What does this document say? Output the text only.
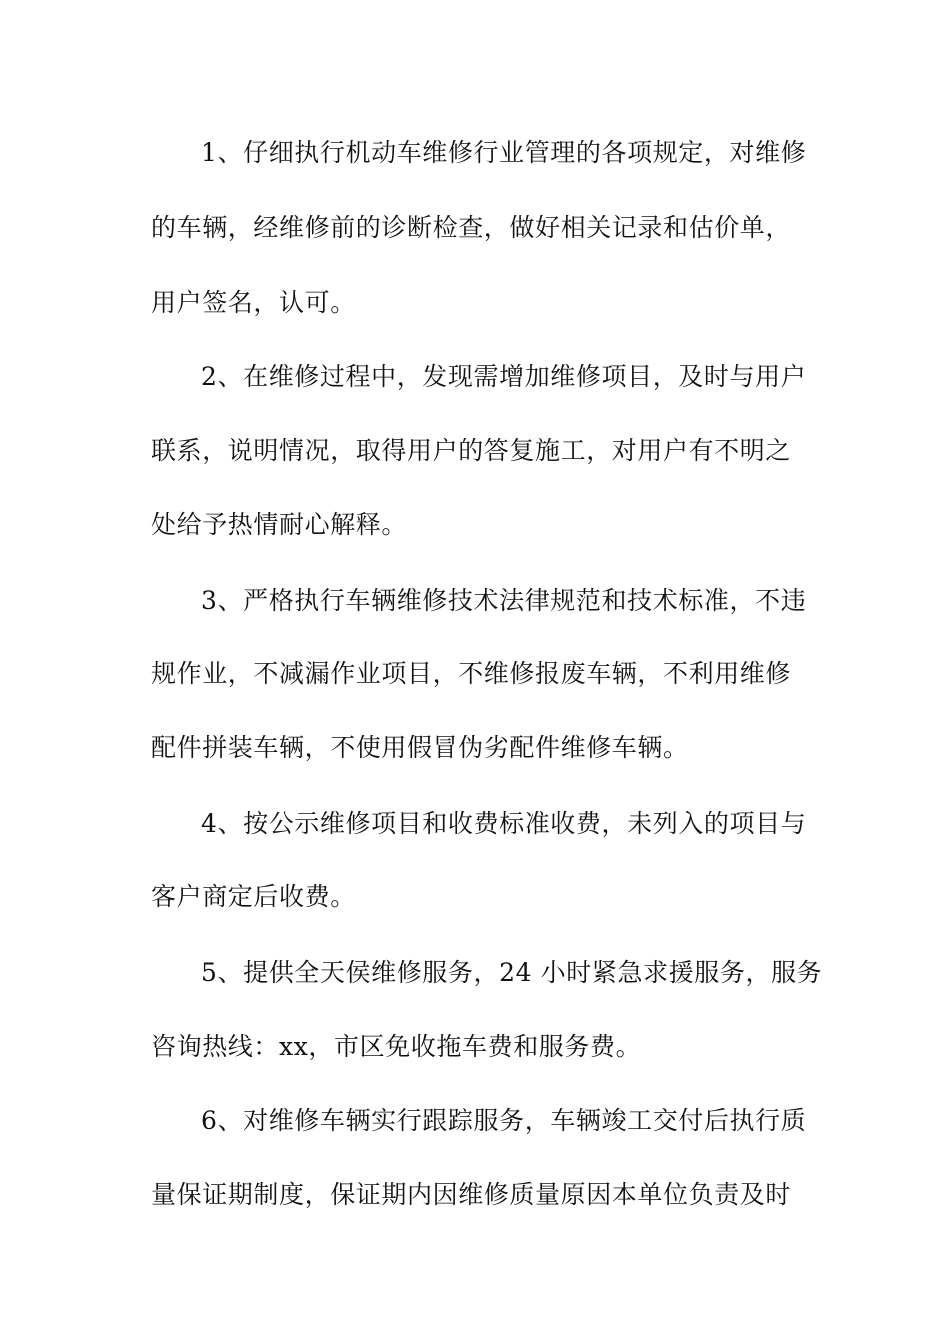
1、仔细执行机动车维修行业管理的各项规定，对维修
的车辆，经维修前的诊断检查，做好相关记录和估价单，
用户签名，认可。
2、在维修过程中，发现需增加维修项目，及时与用户
联系，说明情况，取得用户的答复施工，对用户有不明之
处给予热情耐心解释。
3、严格执行车辆维修技术法律规范和技术标准，不违
规作业，不减漏作业项目，不维修报废车辆，不利用维修
配件拼装车辆，不使用假冒伪劣配件维修车辆。
4、按公示维修项目和收费标准收费，未列入的项目与
客户商定后收费。
5、提供全天侯维修服务，24 小时紧急求援服务，服务
咨询热线：xx，市区免收拖车费和服务费。
6、对维修车辆实行跟踪服务，车辆竣工交付后执行质
量保证期制度，保证期内因维修质量原因本单位负责及时
